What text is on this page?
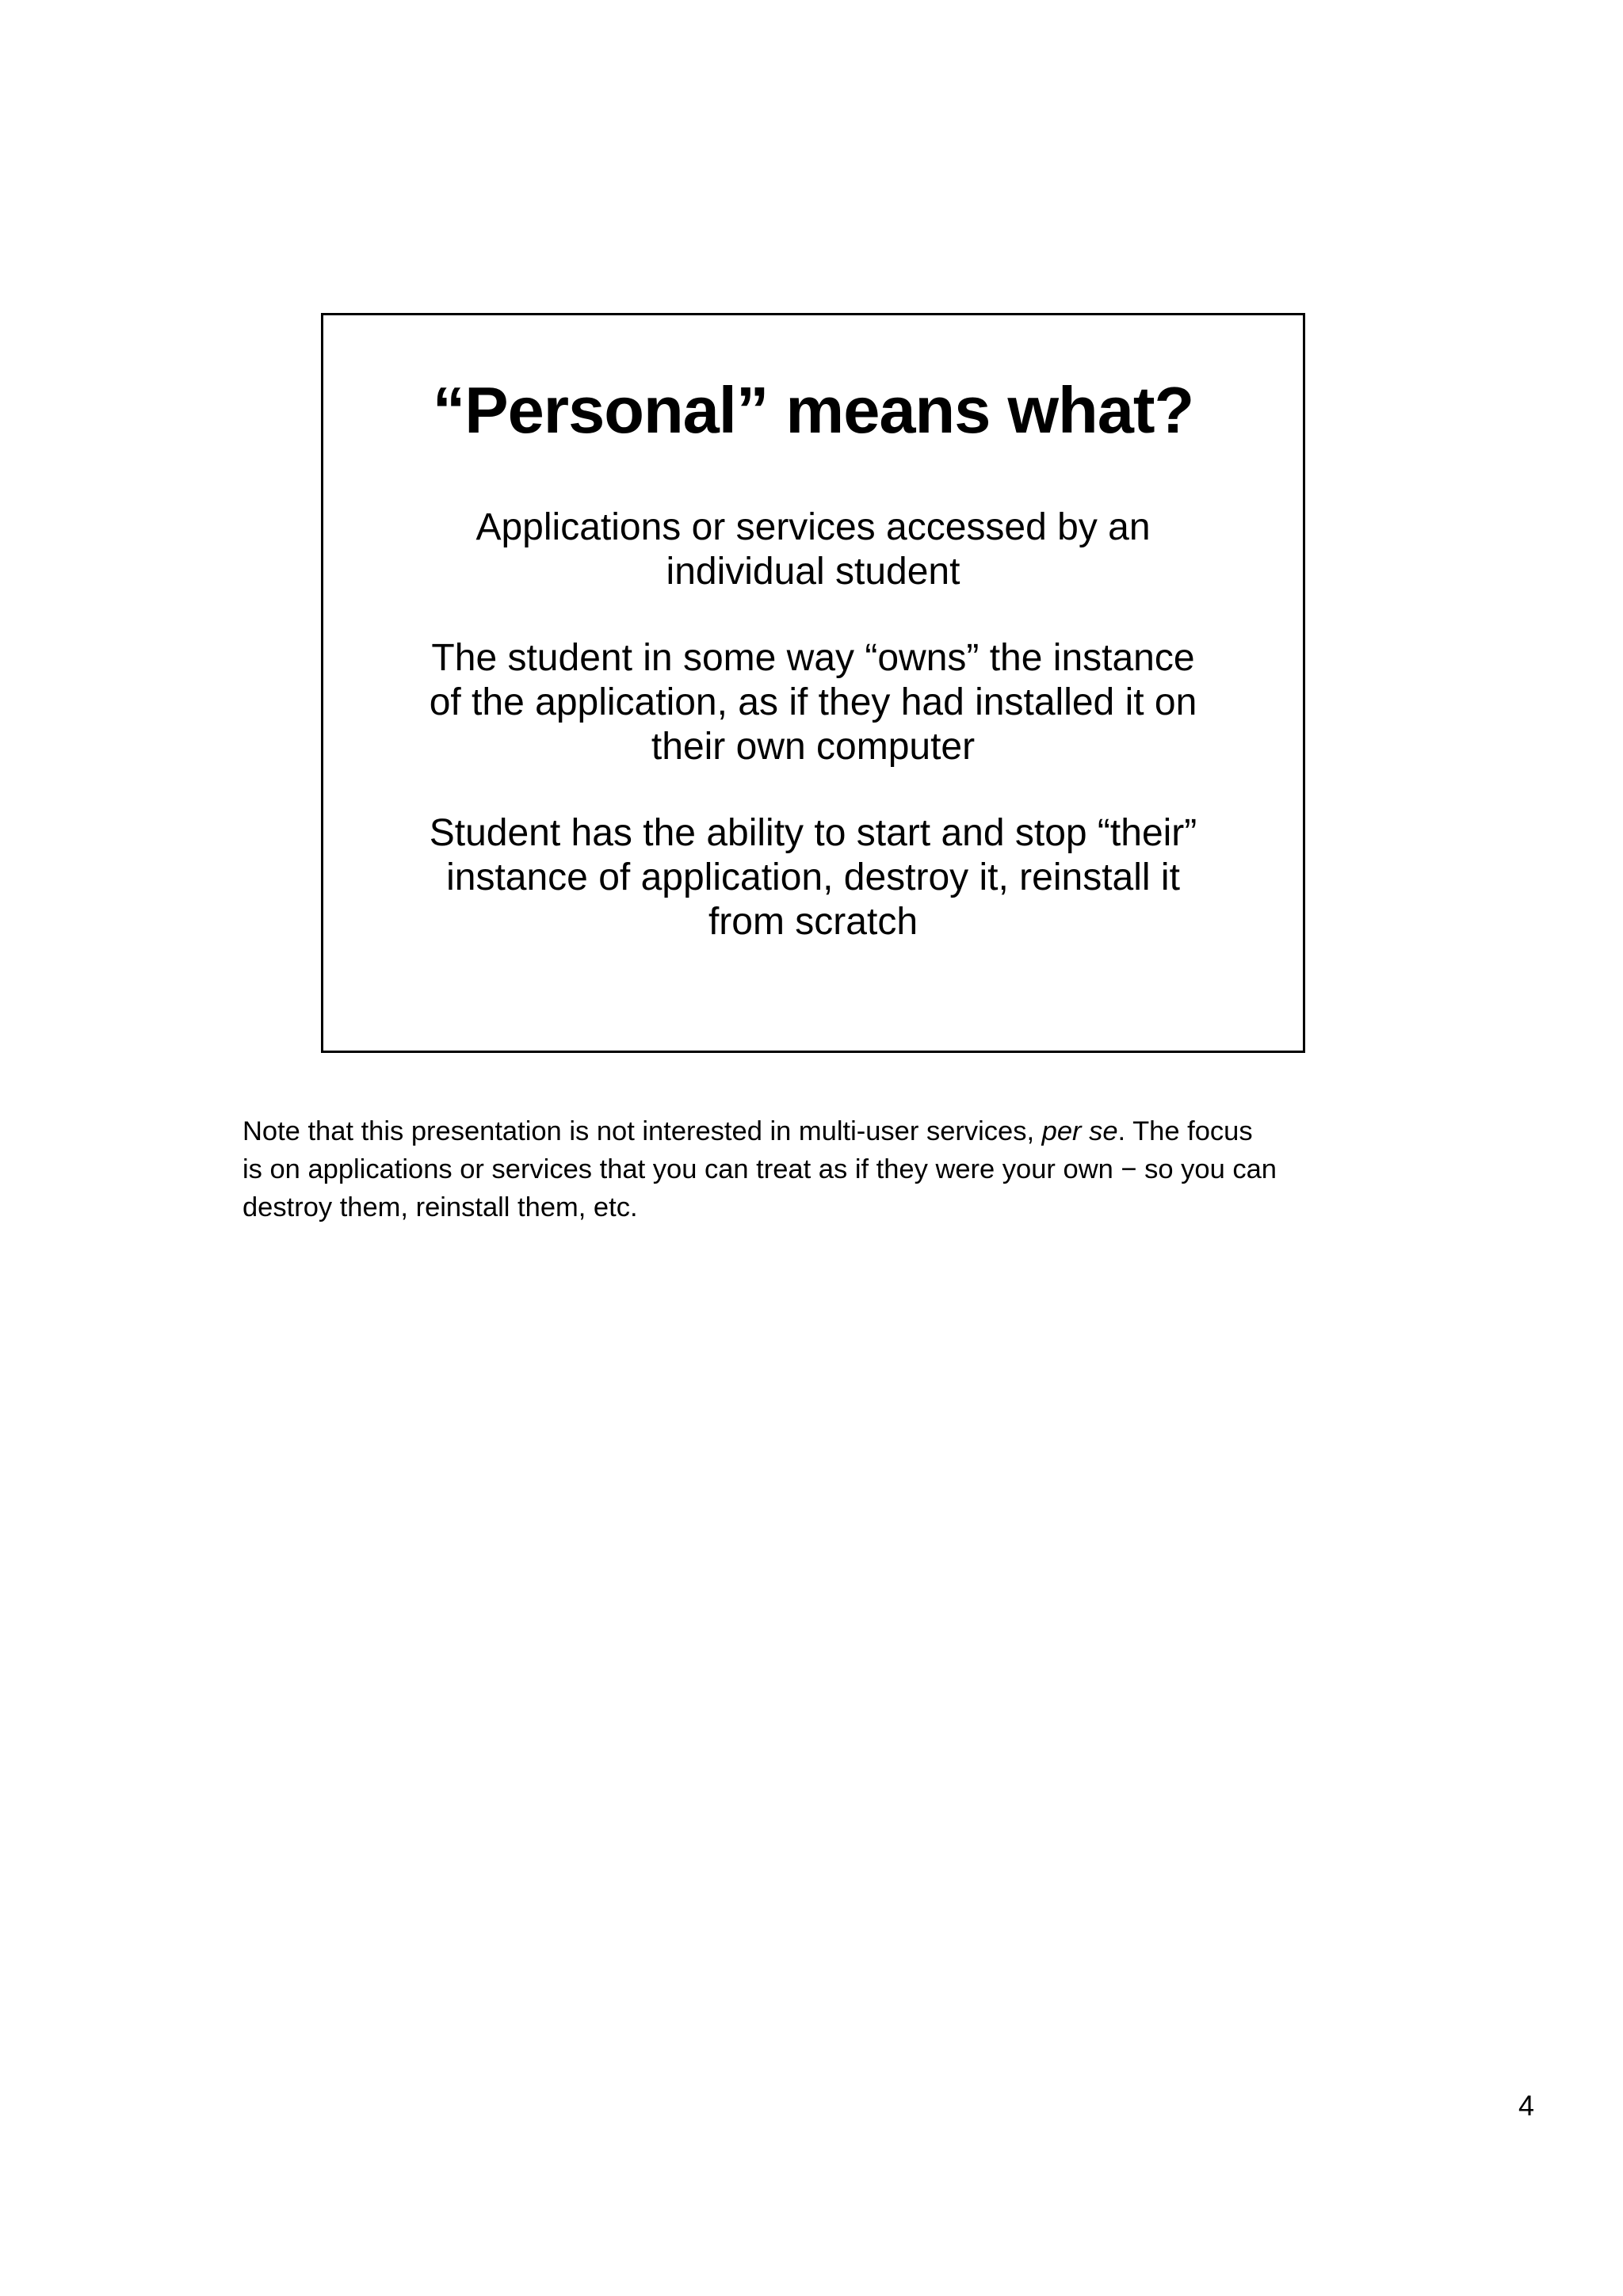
“Personal” means what?

Applications or services accessed by an
individual student

The student in some way “owns” the instance
of the application, as if they had installed it on
their own computer

Student has the ability to start and stop “their”
instance of application, destroy it, reinstall it
from scratch

Note that this presentation is not interested in multi-user services, per se. The focus
is on applications or services that you can treat as if they were your own − so you can
destroy them, reinstall them, etc.

4
